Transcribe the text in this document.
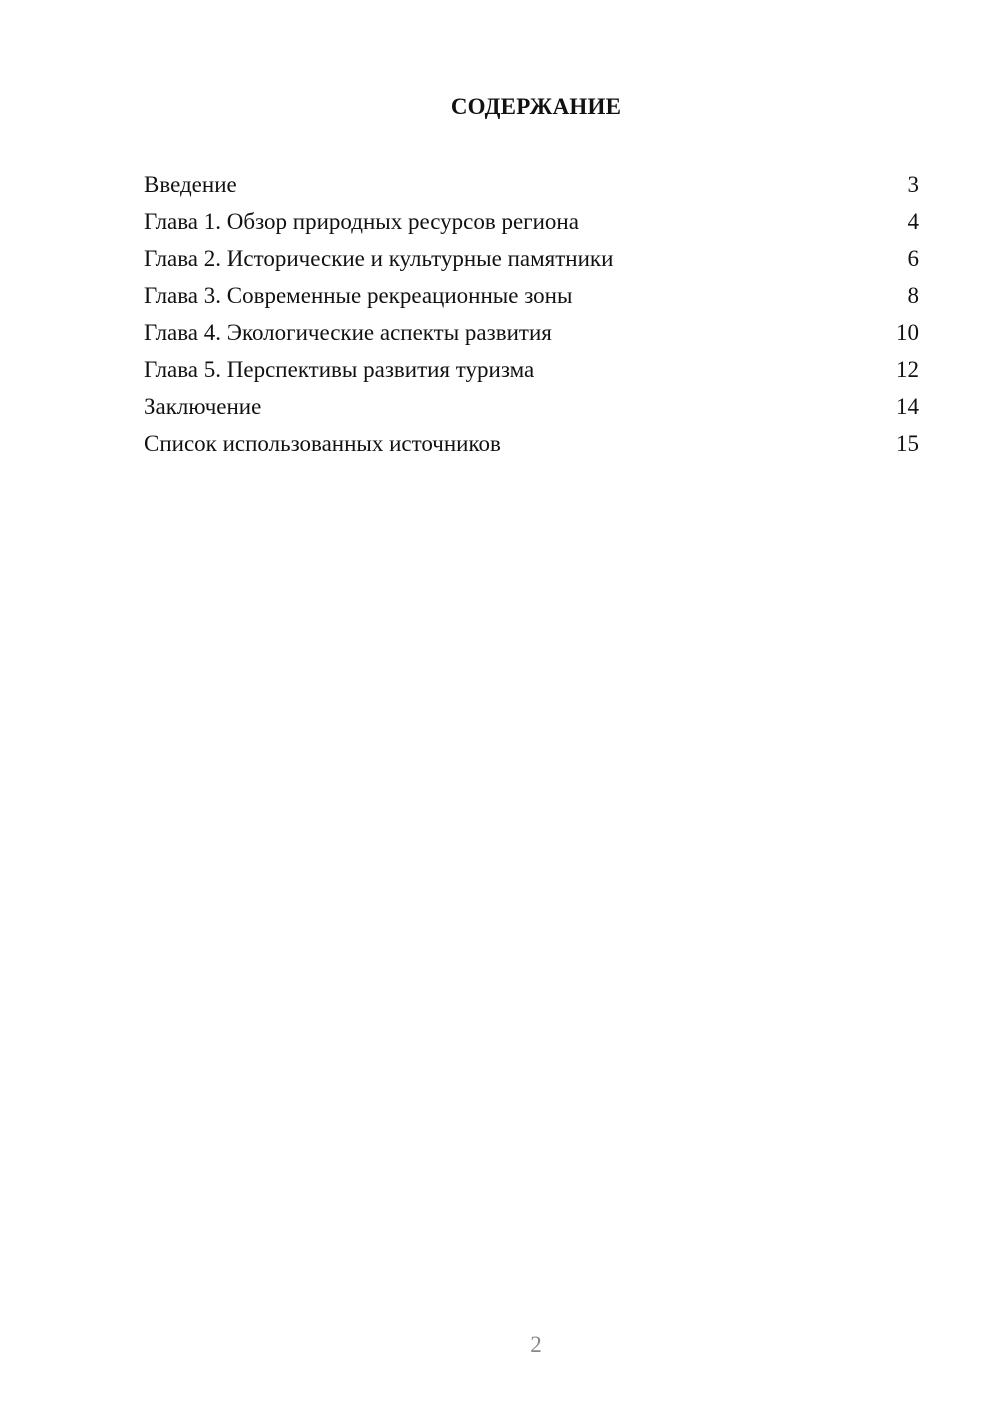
СОДЕРЖАНИЕ
Введение	3
Глава 1. Обзор природных ресурсов региона	4
Глава 2. Исторические и культурные памятники	6
Глава 3. Современные рекреационные зоны	8
Глава 4. Экологические аспекты развития	10
Глава 5. Перспективы развития туризма	12
Заключение	14
Список использованных источников	15
2
